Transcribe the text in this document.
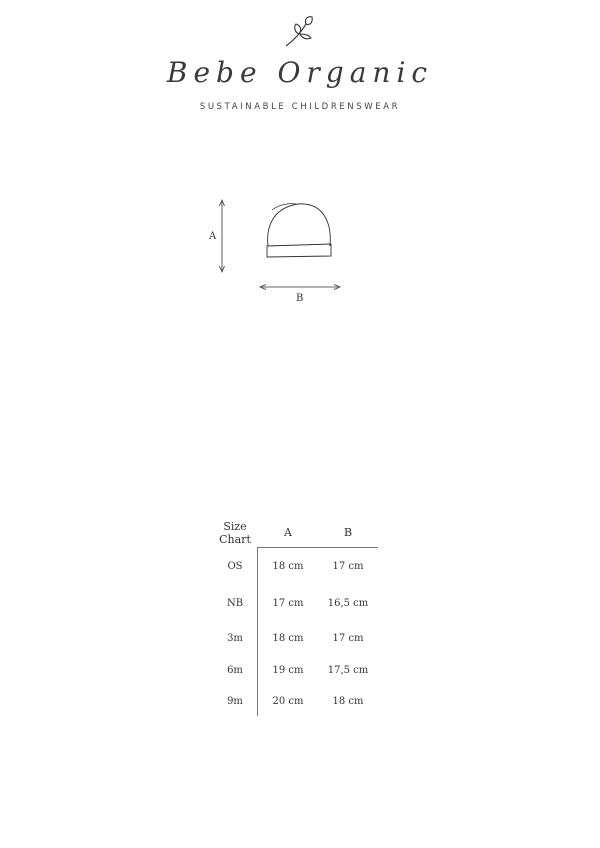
Bebe Organic
SUSTAINABLE CHILDRENSWEAR
A
B
Size
Chart
A	B
OS	18 cm	17 cm
NB	17 cm	16,5 cm
3m	18 cm	17 cm
6m	19 cm	17,5 cm
9m	20 cm	18 cm
